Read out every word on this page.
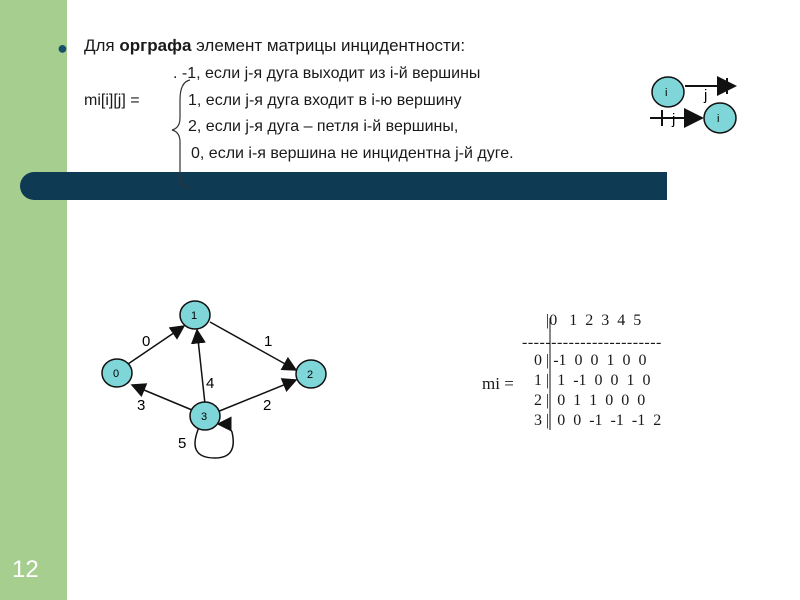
12
● Для орграфа элемент матрицы инцидентности:
. -1, если j-я дуга выходит из i-й вершины
mi[i][j] =	1, если j-я дуга входит в i-ю вершину
2, если j-я дуга – петля i-й вершины,
0, если i-я вершина не инцидентна j-й дуге.
i j
j	i
0
1
2
3
0	1
2
3
4
5
|0   1  2  3  4  5
------------------------
0 | -1  0  0  1  0  0
1 |  1  -1  0  0  1  0
2 |  0  1  1  0  0  0
3 |  0  0  -1  -1  -1  2
mi =
